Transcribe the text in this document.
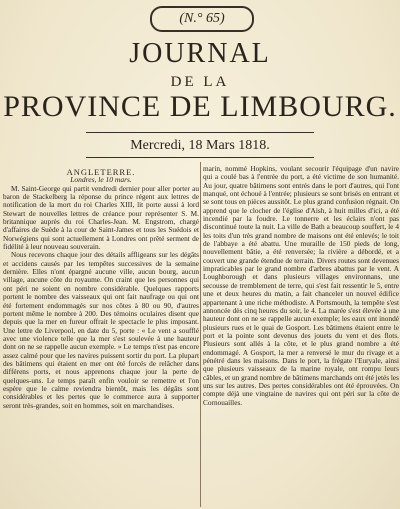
(N.° 65)
JOURNAL
DE LA
PROVINCE DE LIMBOURG.
Mercredi, 18 Mars 1818.
ANGLETERRE.
Londres, le 10 mars.

M. Saint-George qui partit vendredi dernier pour aller porter au baron de Stackelberg la réponse du prince régent aux lettres de notification de la mort du roi Charles XIII, lit porte aussi à lord Stewart de nouvelles lettres de créance pour représenter S. M. britannique auprès du roi Charles-Jean. M. Engstrom, chargé d'affaires de Suède à la cour de Saint-James et tous les Suédois et Norwégiens qui sont actuellement à Londres ont prêté serment de fidélité à leur nouveau souverain.

Nous recevons chaque jour des détails affligeans sur les dégâts et accidens causés par les tempêtes successives de la semaine dernière. Elles n'ont épargné aucune ville, aucun bourg, aucun village, aucune côte du royaume. On craint que les personnes qui ont péri ne soient en nombre considérable. Quelques rapports portent le nombre des vaisseaux qui ont fait naufrage ou qui ont été fortement endommagés sur nos côtes à 80 ou 90, d'autres portent même le nombre à 200. Des témoins oculaires disent que depuis que la mer en fureur offrait le spectacle le plus imposant. Une lettre de Liverpool, en date du 5, porte : « Le vent a soufflé avec une violence telle que la mer s'est soulevée à une hauteur dont on ne se rappelle aucun exemple. » Le temps n'est pas encore assez calmé pour que les navires puissent sortir du port. La plupart des bâtimens qui étaient en mer ont été forcés de relâcher dans différens ports, et nous apprenons chaque jour la perte de quelques-uns. Le temps paraît enfin vouloir se remettre et l'on espère que le calme reviendra bientôt, mais les dégâts sont considérables et les pertes que le commerce aura à supporter seront très-grandes, soit en hommes, soit en marchandises.

marin, nommé Hopkins, voulant secourir l'équipage d'un navire qui a coulé bas à l'entrée du port, a été victime de son humanité. Au jour, quatre bâtimens sont entrés dans le port d'autres, qui l'ont manqué, ont échoué à l'entrée; plusieurs se sont brisés en entrant et se sont tous en pièces aussitôt. Le plus grand confusion régnait. On apprend que le clocher de l'église d'Aish, à huit milles d'ici, a été incendié par la foudre. Le tonnerre et les éclairs n'ont pas discontinué toute la nuit. La ville de Bath a beaucoup souffert, le 4 les toits d'un très grand nombre de maisons ont été enlevés; le toit de l'abbaye a été abattu. Une muraille de 150 pieds de long, nouvellement bâtie, a été renversée; la rivière a débordé, et a couvert une grande étendue de terrain. Divers routes sont devenues impraticables par le grand nombre d'arbres abattus par le vent. A Loughborough et dans plusieurs villages environnans, une secousse de tremblement de terre, qui s'est fait ressentir le 5, entre une et deux heures du matin, a fait chanceler un nouvel édifice appartenant à une riche méthodiste. A Portsmouth, la tempête s'est annoncée dès cinq heures du soir, le 4. La marée s'est élevée à une hauteur dont on ne se rappelle aucun exemple; les eaux ont inondé plusieurs rues et le quai de Gosport. Les bâtimens étaient entre le port et la pointe sont devenus des jouets du vent et des flots. Plusieurs sont allés à la côte, et le plus grand nombre a été endommagé. A Gosport, la mer a renversé le mur du rivage et a pénétré dans les maisons. Dans le port, la frégate l'Euryale, ainsi que plusieurs vaisseaux de la marine royale, ont rompu leurs câbles, et un grand nombre de bâtimens marchands ont été jetés les uns sur les autres. Des pertes considérables ont été éprouvées. On compte déjà une vingtaine de navires qui ont péri sur la côte de Cornouailles.
